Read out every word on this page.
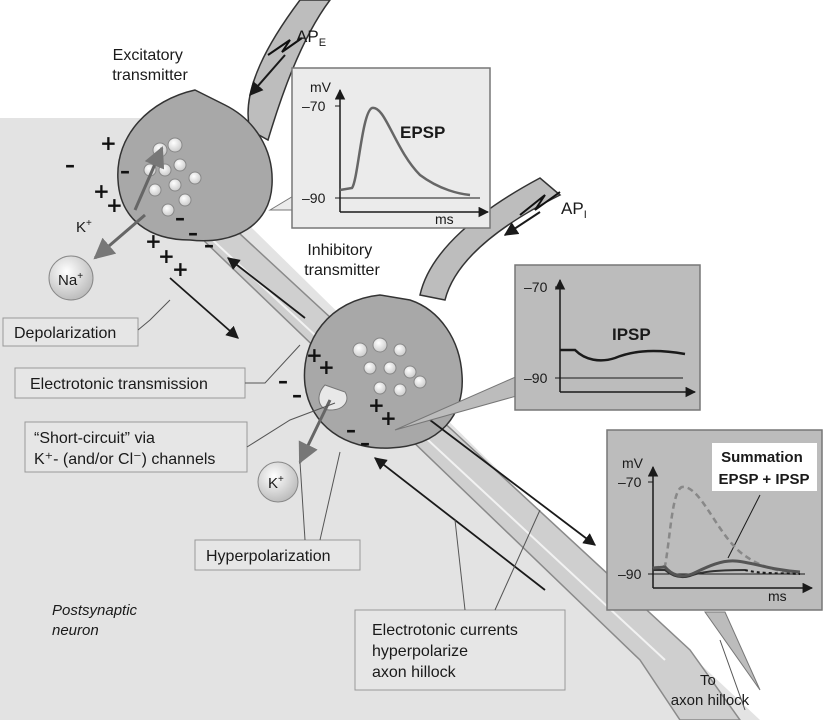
Na+
K+
K+
+
–
+
+
–
–
– –
+
+
+
+
+
–
–	+
+
–
–
$AP_E$
$AP_I$
Excitatory transmitter
Inhibitory transmitter
Depolarization
Electrotonic transmission
“Short-circuit” via
K⁺- (and/or Cl⁻) channels
Hyperpolarization
Electrotonic currents hyperpolarize axon hillock
Postsynaptic neuron
To axon hillock
mV
–70
–90
ms
EPSP
–70
–90
IPSP
mV
–70
–90
ms
Summation EPSP + IPSP
